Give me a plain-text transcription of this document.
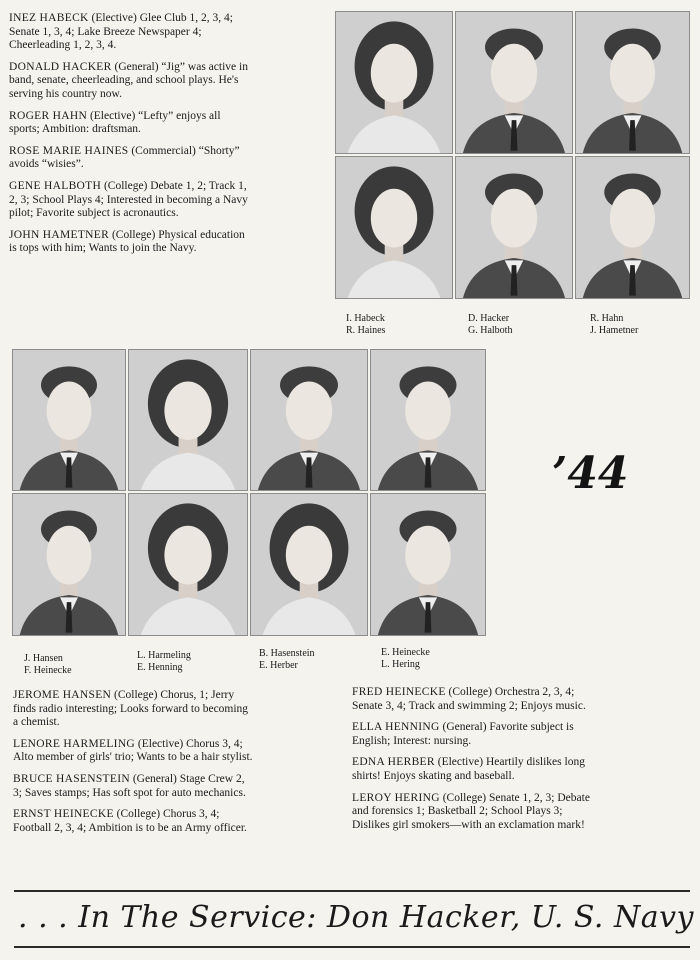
INEZ HABECK (Elective) Glee Club 1, 2, 3, 4; Senate 1, 3, 4; Lake Breeze Newspaper 4; Cheerleading 1, 2, 3, 4.

DONALD HACKER (General) “Jig” was active in band, senate, cheerleading, and school plays. He's serving his country now.

ROGER HAHN (Elective) “Lefty” enjoys all sports; Ambition: draftsman.

ROSE MARIE HAINES (Commercial) “Shorty” avoids “wisies”.

GENE HALBOTH (College) Debate 1, 2; Track 1, 2, 3; School Plays 4; Interested in becoming a Navy pilot; Favorite subject is acronautics.

JOHN HAMETNER (College) Physical education is tops with him; Wants to join the Navy.

I. Habeck
R. Haines
D. Hacker
G. Halboth
R. Hahn
J. Hametner
’44
J. Hansen
F. Heinecke
L. Harmeling
E. Henning
B. Hasenstein
E. Herber
E. Heinecke
L. Hering

JEROME HANSEN (College) Chorus, 1; Jerry finds radio interesting; Looks forward to becoming a chemist.

LENORE HARMELING (Elective) Chorus 3, 4; Alto member of girls' trio; Wants to be a hair stylist.

BRUCE HASENSTEIN (General) Stage Crew 2, 3; Saves stamps; Has soft spot for auto mechanics.

ERNST HEINECKE (College) Chorus 3, 4; Football 2, 3, 4; Ambition is to be an Army officer.

FRED HEINECKE (College) Orchestra 2, 3, 4; Senate 3, 4; Track and swimming 2; Enjoys music.

ELLA HENNING (General) Favorite subject is English; Interest: nursing.

EDNA HERBER (Elective) Heartily dislikes long shirts! Enjoys skating and baseball.

LEROY HERING (College) Senate 1, 2, 3; Debate and forensics 1; Basketball 2; School Plays 3; Dislikes girl smokers—with an exclamation mark!

. . . In The Service: Don Hacker, U. S. Navy
